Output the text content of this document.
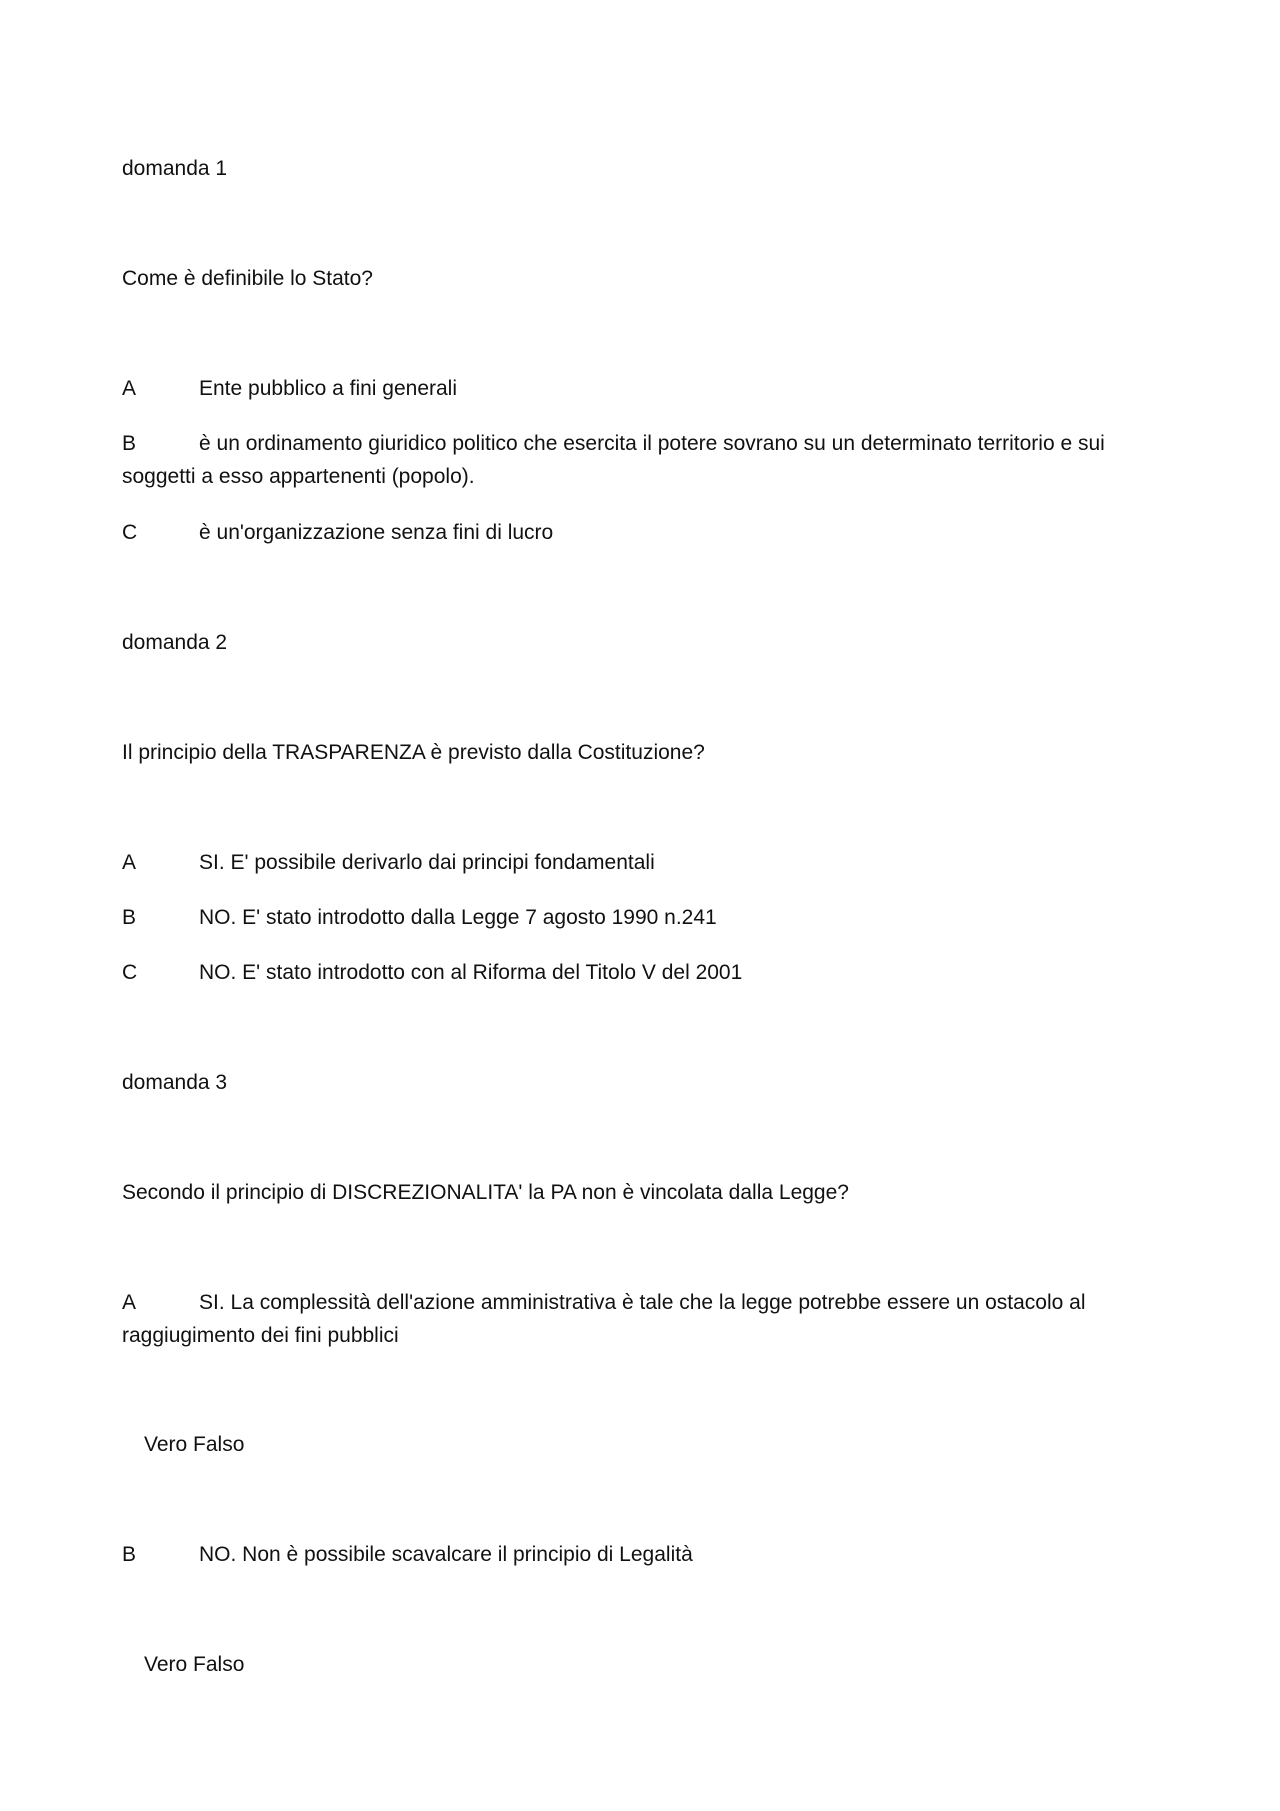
domanda 1
Come è definibile lo Stato?
A	Ente pubblico a fini generali
B	è un ordinamento giuridico politico che esercita il potere sovrano su un determinato territorio e sui soggetti a esso appartenenti (popolo).
C	è un'organizzazione senza fini di lucro
domanda 2
Il principio della TRASPARENZA è previsto dalla Costituzione?
A	SI. E' possibile derivarlo dai principi fondamentali
B	NO. E' stato introdotto dalla Legge 7 agosto 1990 n.241
C	NO. E' stato introdotto con al Riforma del Titolo V del 2001
domanda 3
Secondo il principio di DISCREZIONALITA' la PA non è vincolata dalla Legge?
A	SI. La complessità dell'azione amministrativa è tale che la legge potrebbe essere un ostacolo al raggiugimento dei fini pubblici
Vero Falso
B	NO. Non è possibile scavalcare il principio di Legalità
Vero Falso
